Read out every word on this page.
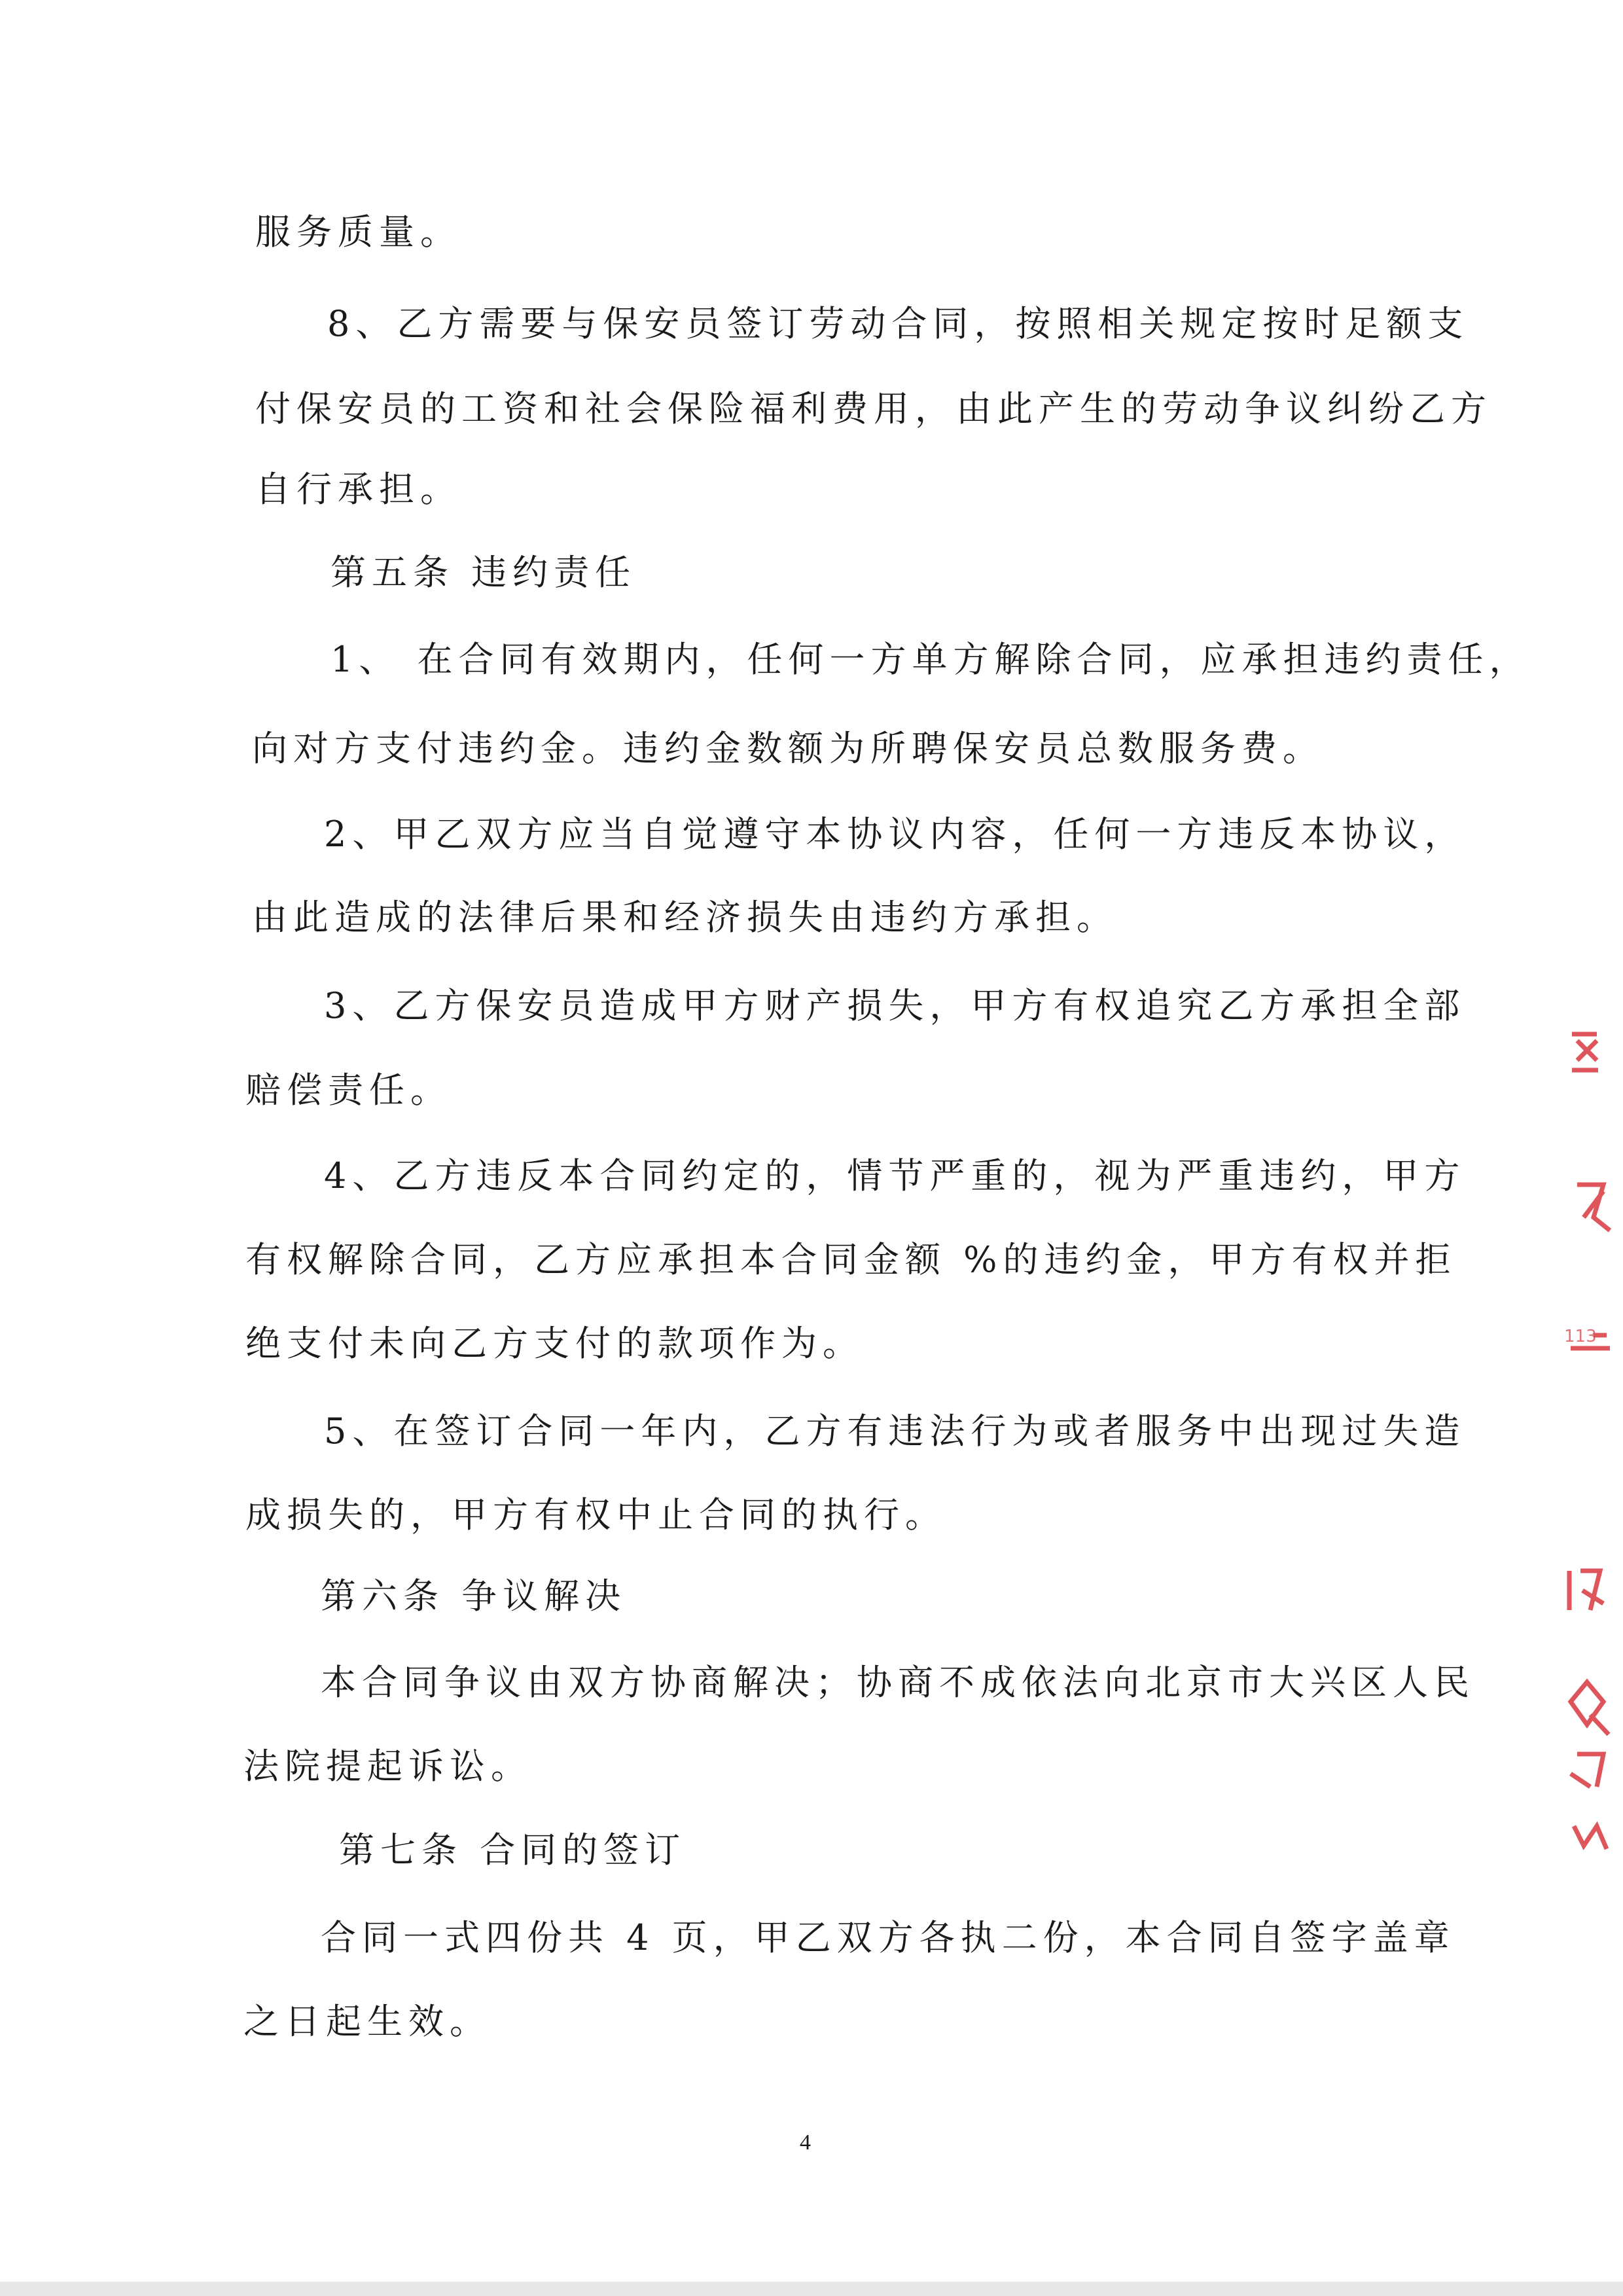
服务质量。
8、乙方需要与保安员签订劳动合同，按照相关规定按时足额支
付保安员的工资和社会保险福利费用，由此产生的劳动争议纠纷乙方
自行承担。
第五条 违约责任
1、 在合同有效期内，任何一方单方解除合同，应承担违约责任，
向对方支付违约金。违约金数额为所聘保安员总数服务费。
2、甲乙双方应当自觉遵守本协议内容，任何一方违反本协议，
由此造成的法律后果和经济损失由违约方承担。
3、乙方保安员造成甲方财产损失，甲方有权追究乙方承担全部
赔偿责任。
4、乙方违反本合同约定的，情节严重的，视为严重违约，甲方
有权解除合同，乙方应承担本合同金额 %的违约金，甲方有权并拒
绝支付未向乙方支付的款项作为。
5、在签订合同一年内，乙方有违法行为或者服务中出现过失造
成损失的，甲方有权中止合同的执行。
第六条 争议解决
本合同争议由双方协商解决；协商不成依法向北京市大兴区人民
法院提起诉讼。
第七条 合同的签订
合同一式四份共 4 页，甲乙双方各执二份，本合同自签字盖章
之日起生效。
4
113
